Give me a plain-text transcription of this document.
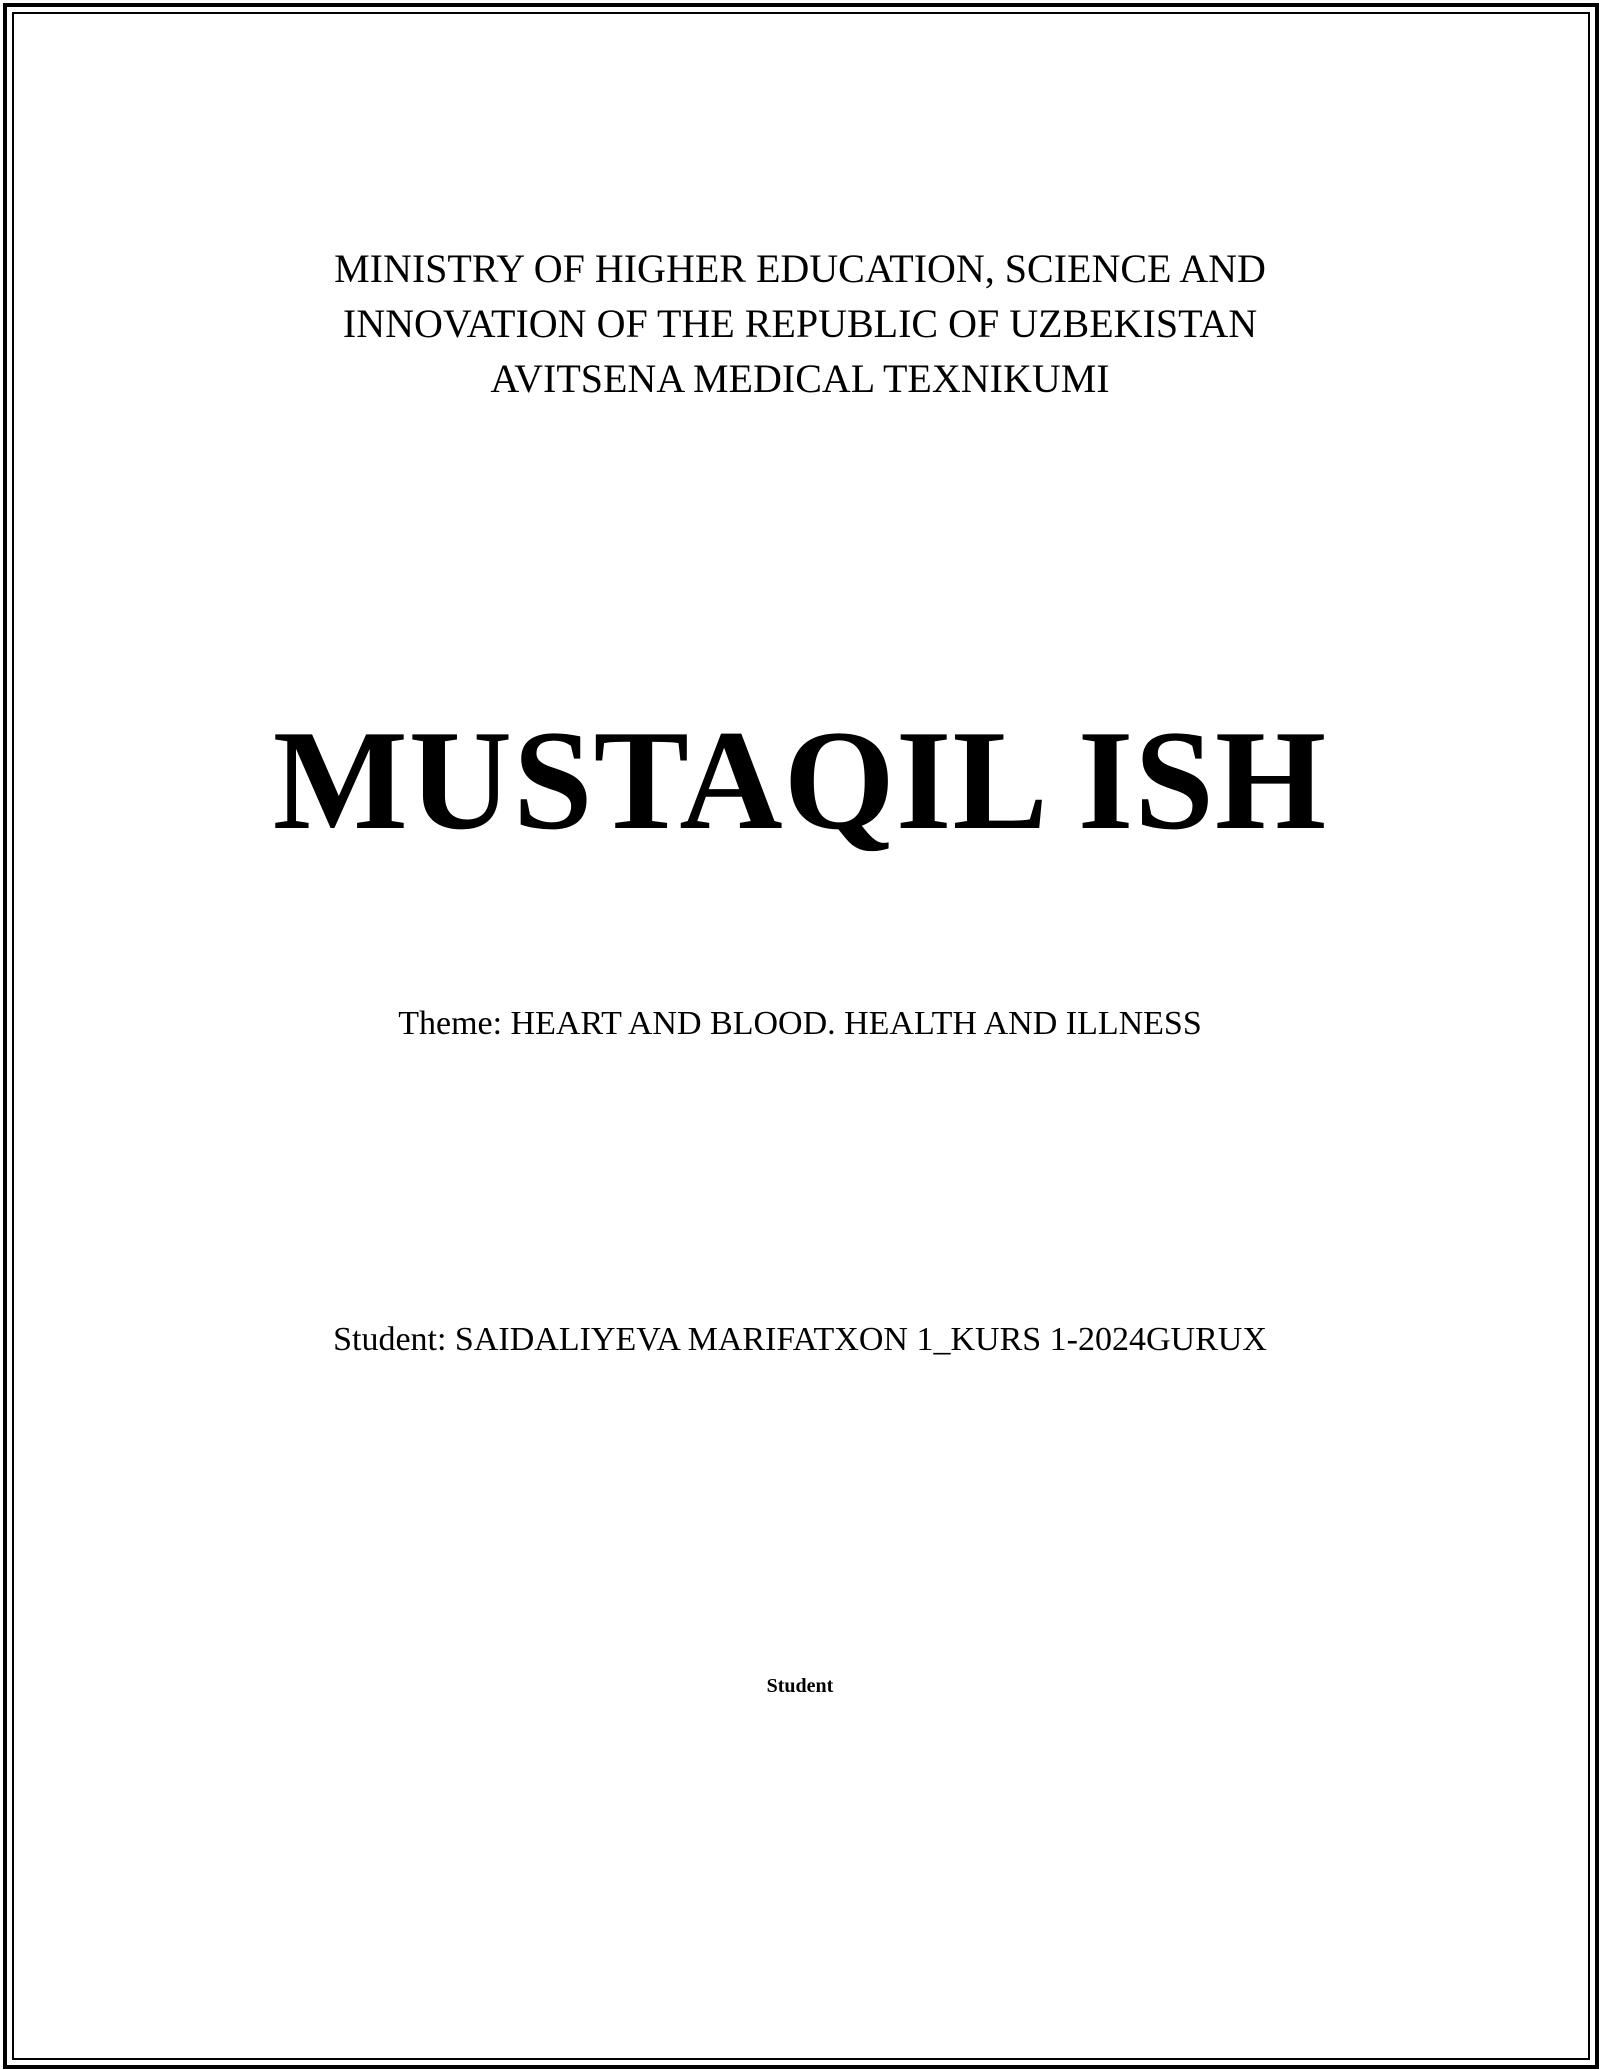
MINISTRY OF HIGHER EDUCATION, SCIENCE AND
INNOVATION OF THE REPUBLIC OF UZBEKISTAN
AVITSENA MEDICAL TEXNIKUMI
MUSTAQIL ISH
Theme: HEART AND BLOOD. HEALTH AND ILLNESS
Student: SAIDALIYEVA MARIFATXON 1_KURS 1-2024GURUX
Student
